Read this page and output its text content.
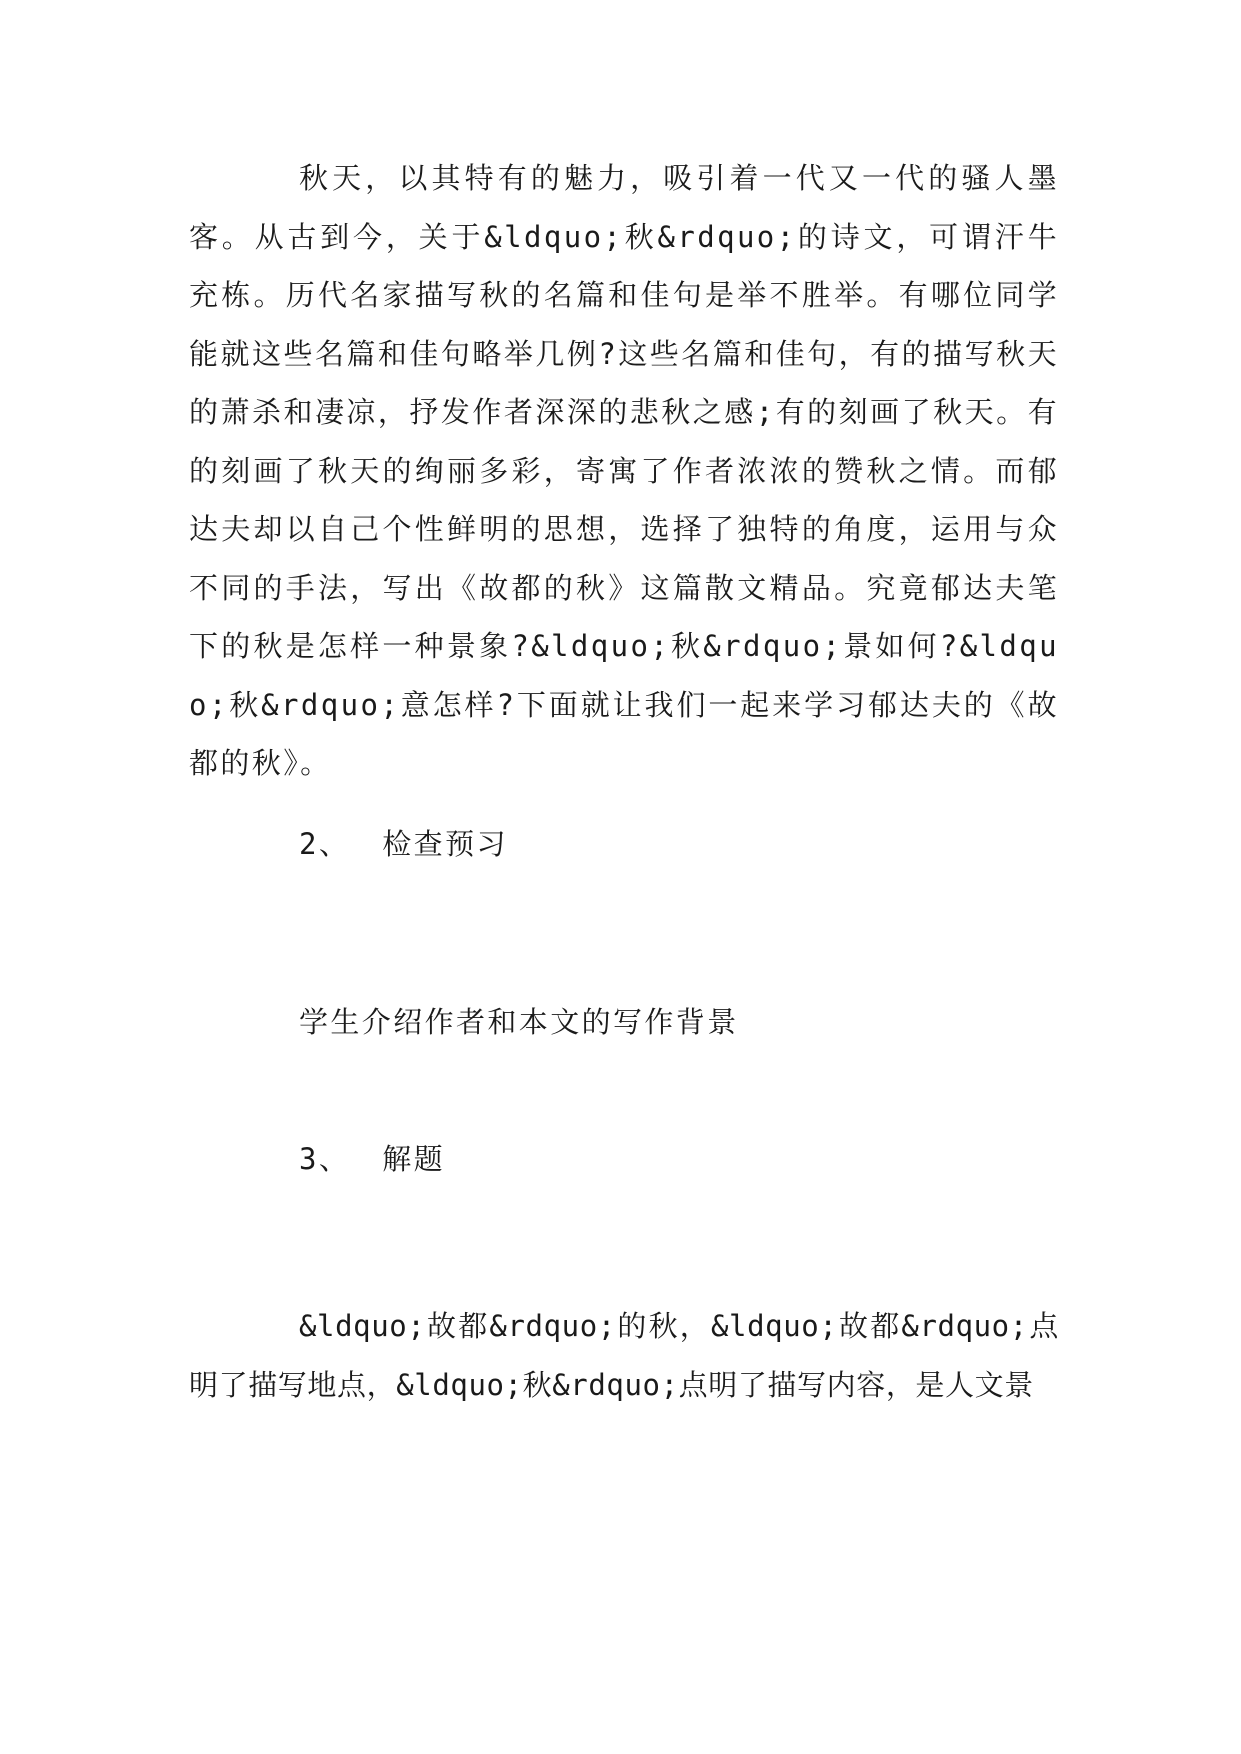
秋天，以其特有的魅力，吸引着一代又一代的骚人墨客。从古到今，关于&ldquo;秋&rdquo;的诗文，可谓汗牛充栋。历代名家描写秋的名篇和佳句是举不胜举。有哪位同学能就这些名篇和佳句略举几例?这些名篇和佳句，有的描写秋天的萧杀和凄凉，抒发作者深深的悲秋之感;有的刻画了秋天。有的刻画了秋天的绚丽多彩，寄寓了作者浓浓的赞秋之情。而郁达夫却以自己个性鲜明的思想，选择了独特的角度，运用与众不同的手法，写出《故都的秋》这篇散文精品。究竟郁达夫笔下的秋是怎样一种景象?&ldquo;秋&rdquo;景如何?&ldquo;秋&rdquo;意怎样?下面就让我们一起来学习郁达夫的《故都的秋》。
2、 检查预习
学生介绍作者和本文的写作背景
3、 解题
&ldquo;故都&rdquo;的秋，&ldquo;故都&rdquo;点明了描写地点，&ldquo;秋&rdquo;点明了描写内容，是人文景
